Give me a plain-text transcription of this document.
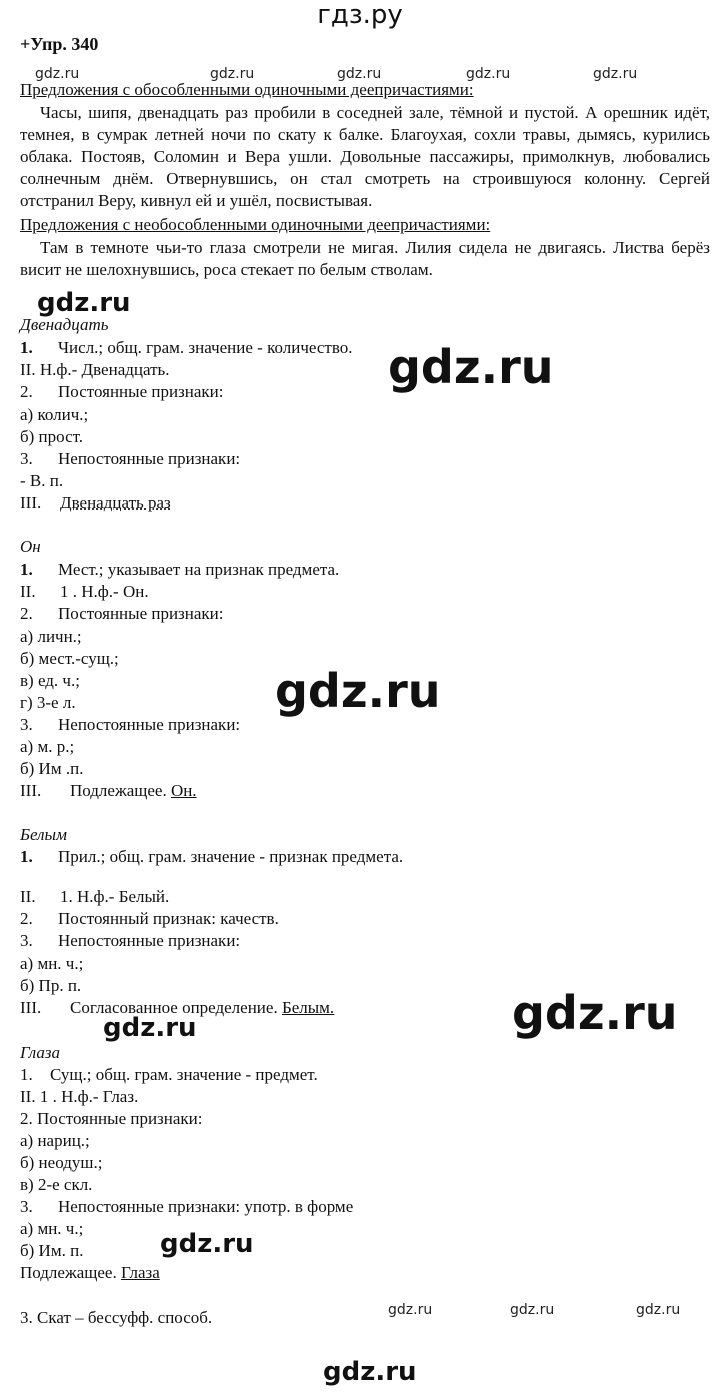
гдз.ру
+Упр. 340
gdz.ru	gdz.ru	gdz.ru	gdz.ru	gdz.ru
Предложения с обособленными одиночными деепричастиями:
Часы, шипя, двенадцать раз пробили в соседней зале, тёмной и пустой. А орешник идёт, темнея, в сумрак летней ночи по скату к балке. Благоухая, сохли травы, дымясь, курились облака. Постояв, Соломин и Вера ушли. Довольные пассажиры, примолкнув, любовались солнечным днём. Отвернувшись, он стал смотреть на строившуюся колонну. Сергей отстранил Веру, кивнул ей и ушёл, посвистывая.
Предложения с необособленными одиночными деепричастиями:
Там в темноте чьи-то глаза смотрели не мигая. Лилия сидела не двигаясь. Листва берёз висит не шелохнувшись, роса стекает по белым стволам.
gdz.ru
gdz.ru
Двенадцать
1. Числ.; общ. грам. значение - количество.
II. Н.ф.- Двенадцать.
2. Постоянные признаки:
а) колич.;
б) прост.
3. Непостоянные признаки:
- В. п.
III. Двенадцать раз
Он
1. Мест.; указывает на признак предмета.
II. 1 . Н.ф.- Он.
2. Постоянные признаки:
а) личн.;
б) мест.-сущ.;
в) ед. ч.;
г) 3-е л.
3. Непостоянные признаки:
а) м. р.;
б) Им .п.
III. Подлежащее. Он.
gdz.ru
Белым
1. Прил.; общ. грам. значение - признак предмета.
II. 1. Н.ф.- Белый.
2. Постоянный признак: качеств.
3. Непостоянные признаки:
а) мн. ч.;
б) Пр. п.
III. Согласованное определение. Белым.	gdz.ru
gdz.ru
Глаза
1. Сущ.; общ. грам. значение - предмет.
II. 1 . Н.ф.- Глаз.
2. Постоянные признаки:
а) нариц.;
б) неодуш.;
в) 2-е скл.
3. Непостоянные признаки: употр. в форме
а) мн. ч.;
б) Им. п.
Подлежащее. Глаза
gdz.ru
3. Скат – бессуфф. способ.	gdz.ru	gdz.ru	gdz.ru
gdz.ru
